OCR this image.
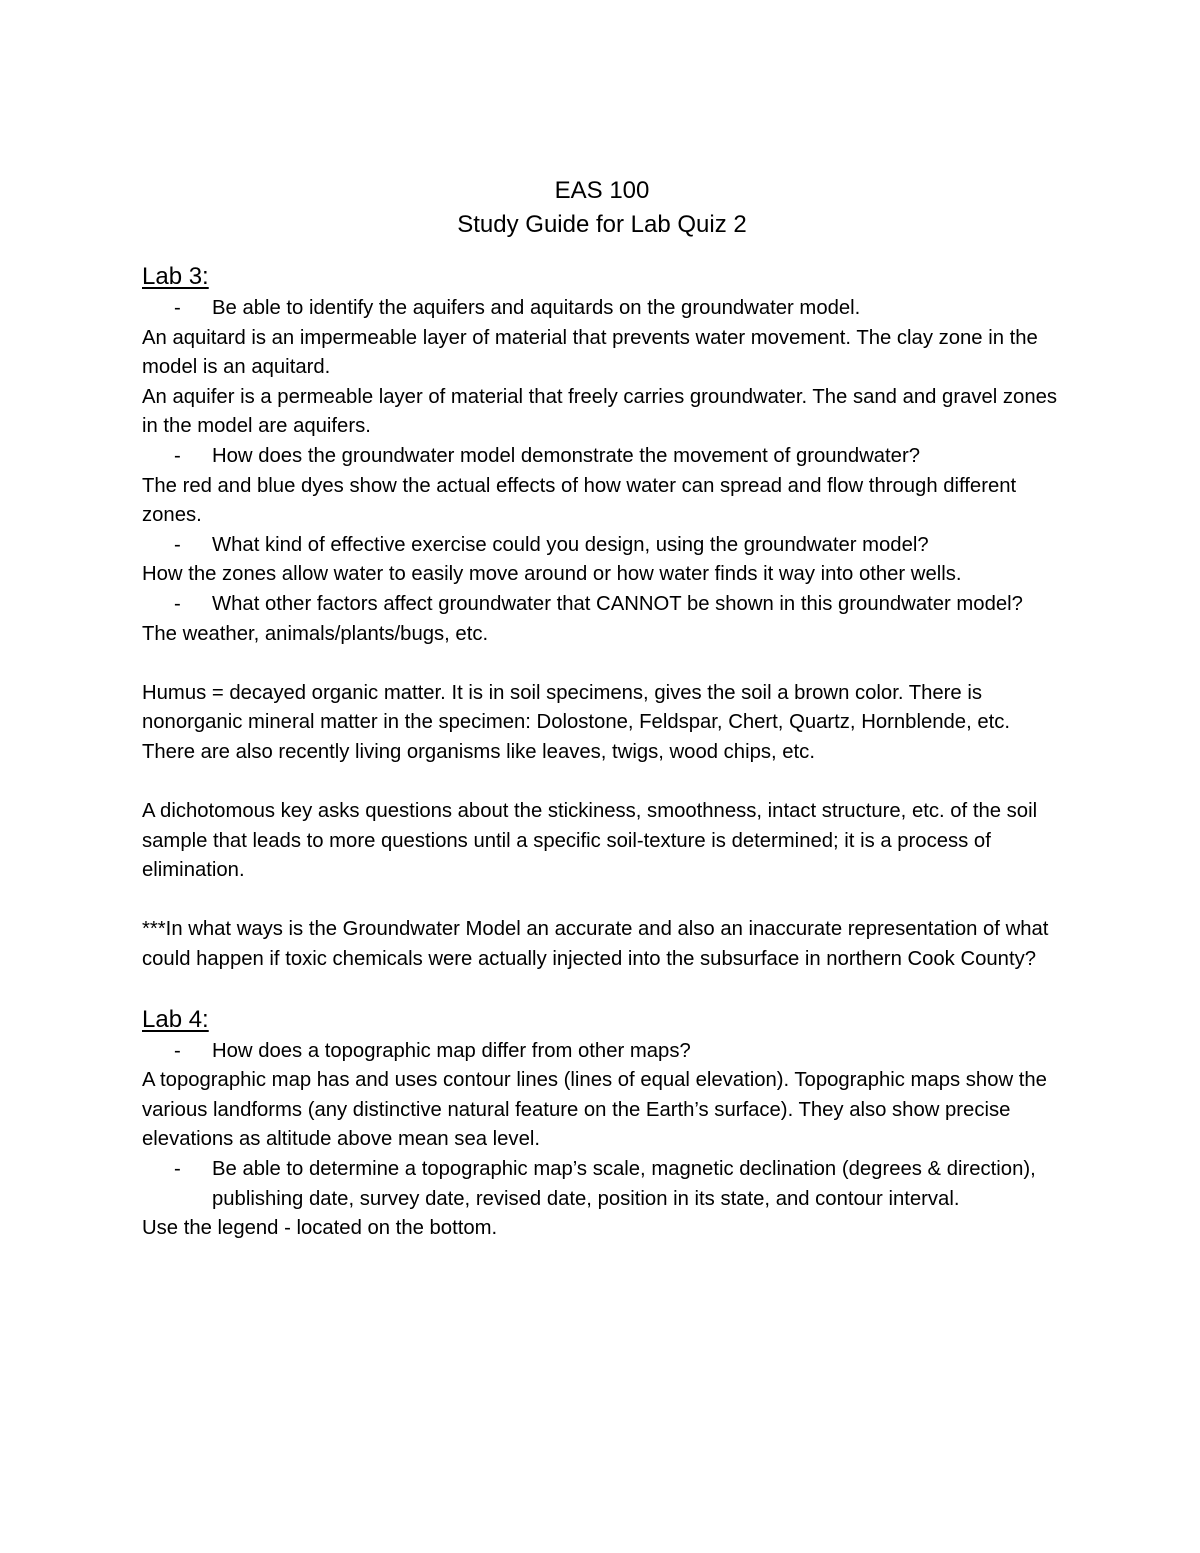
EAS 100

Study Guide for Lab Quiz 2

Lab 3:

- Be able to identify the aquifers and aquitards on the groundwater model.

An aquitard is an impermeable layer of material that prevents water movement. The clay zone in the model is an aquitard.

An aquifer is a permeable layer of material that freely carries groundwater. The sand and gravel zones in the model are aquifers.

- How does the groundwater model demonstrate the movement of groundwater?

The red and blue dyes show the actual effects of how water can spread and flow through different zones.

- What kind of effective exercise could you design, using the groundwater model?

How the zones allow water to easily move around or how water finds it way into other wells.

- What other factors affect groundwater that CANNOT be shown in this groundwater model?

The weather, animals/plants/bugs, etc.

Humus = decayed organic matter. It is in soil specimens, gives the soil a brown color. There is nonorganic mineral matter in the specimen: Dolostone, Feldspar, Chert, Quartz, Hornblende, etc. There are also recently living organisms like leaves, twigs, wood chips, etc.

A dichotomous key asks questions about the stickiness, smoothness, intact structure, etc. of the soil sample that leads to more questions until a specific soil-texture is determined; it is a process of elimination.

***In what ways is the Groundwater Model an accurate and also an inaccurate representation of what could happen if toxic chemicals were actually injected into the subsurface in northern Cook County?

Lab 4:

- How does a topographic map differ from other maps?

A topographic map has and uses contour lines (lines of equal elevation). Topographic maps show the various landforms (any distinctive natural feature on the Earth’s surface). They also show precise elevations as altitude above mean sea level.

- Be able to determine a topographic map’s scale, magnetic declination (degrees & direction), publishing date, survey date, revised date, position in its state, and contour interval.

Use the legend - located on the bottom.
